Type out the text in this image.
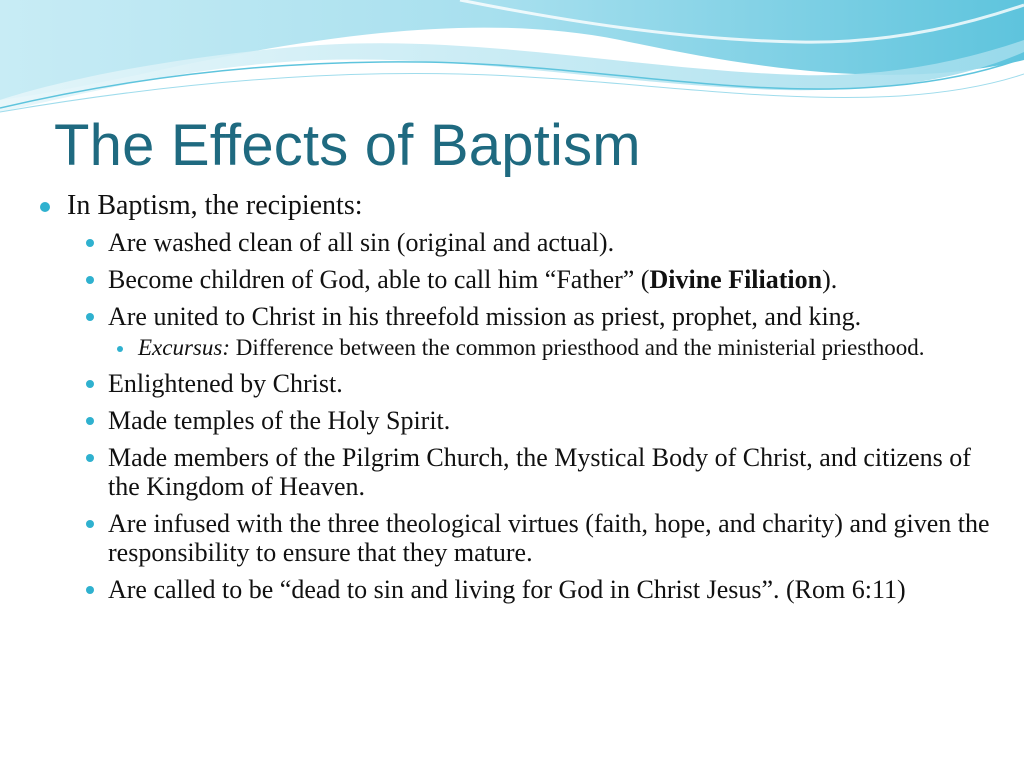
The Effects of Baptism
In Baptism, the recipients:
Are washed clean of all sin (original and actual).
Become children of God, able to call him “Father” (Divine Filiation).
Are united to Christ in his threefold mission as priest, prophet, and king.
Excursus: Difference between the common priesthood and the ministerial priesthood.
Enlightened by Christ.
Made temples of the Holy Spirit.
Made members of the Pilgrim Church, the Mystical Body of Christ, and citizens of the Kingdom of Heaven.
Are infused with the three theological virtues (faith, hope, and charity) and given the responsibility to ensure that they mature.
Are called to be “dead to sin and living for God in Christ Jesus”. (Rom 6:11)
